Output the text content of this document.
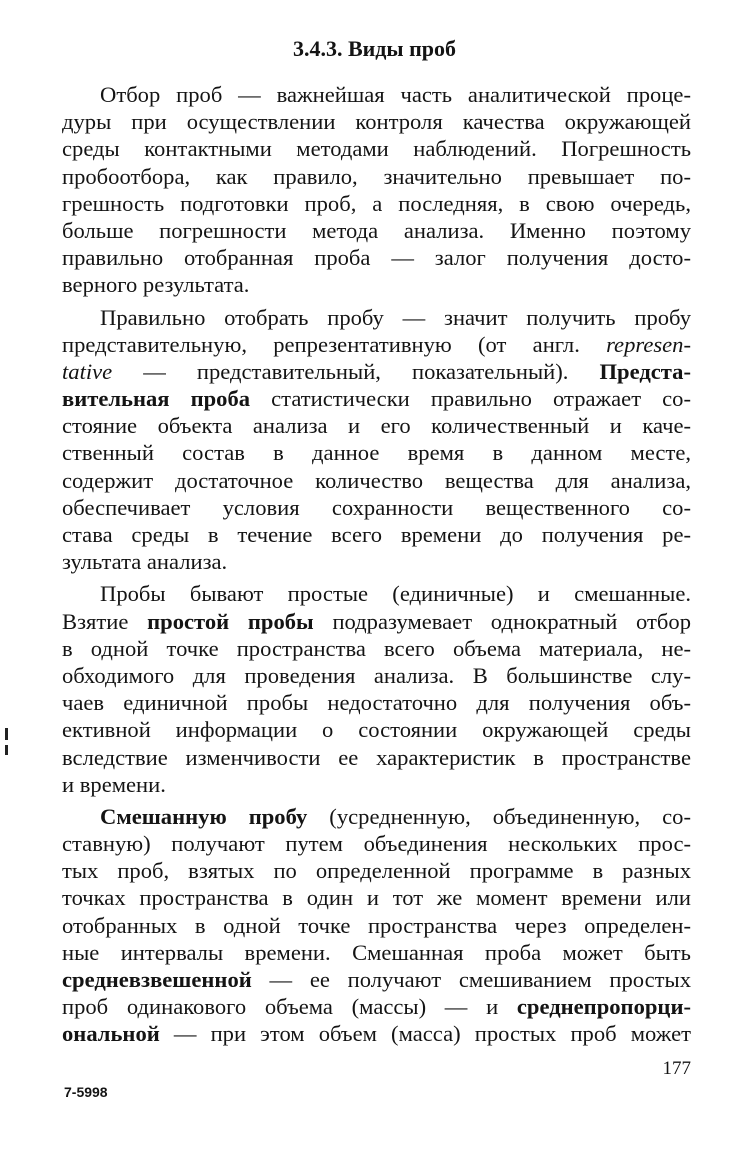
3.4.3. Виды проб
Отбор проб — важнейшая часть аналитической проце-
дуры при осуществлении контроля качества окружающей
среды контактными методами наблюдений. Погрешность
пробоотбора, как правило, значительно превышает по-
грешность подготовки проб, а последняя, в свою очередь,
больше погрешности метода анализа. Именно поэтому
правильно отобранная проба — залог получения досто-
верного результата.
Правильно отобрать пробу — значит получить пробу
представительную, репрезентативную (от англ. represen-
tative — представительный, показательный). Предста-
вительная проба статистически правильно отражает со-
стояние объекта анализа и его количественный и каче-
ственный состав в данное время в данном месте,
содержит достаточное количество вещества для анализа,
обеспечивает условия сохранности вещественного со-
става среды в течение всего времени до получения ре-
зультата анализа.
Пробы бывают простые (единичные) и смешанные.
Взятие простой пробы подразумевает однократный отбор
в одной точке пространства всего объема материала, не-
обходимого для проведения анализа. В большинстве слу-
чаев единичной пробы недостаточно для получения объ-
ективной информации о состоянии окружающей среды
вследствие изменчивости ее характеристик в пространстве
и времени.
Смешанную пробу (усредненную, объединенную, со-
ставную) получают путем объединения нескольких прос-
тых проб, взятых по определенной программе в разных
точках пространства в один и тот же момент времени или
отобранных в одной точке пространства через определен-
ные интервалы времени. Смешанная проба может быть
средневзвешенной — ее получают смешиванием простых
проб одинакового объема (массы) — и среднепропорци-
ональной — при этом объем (масса) простых проб может
177
7-5998
